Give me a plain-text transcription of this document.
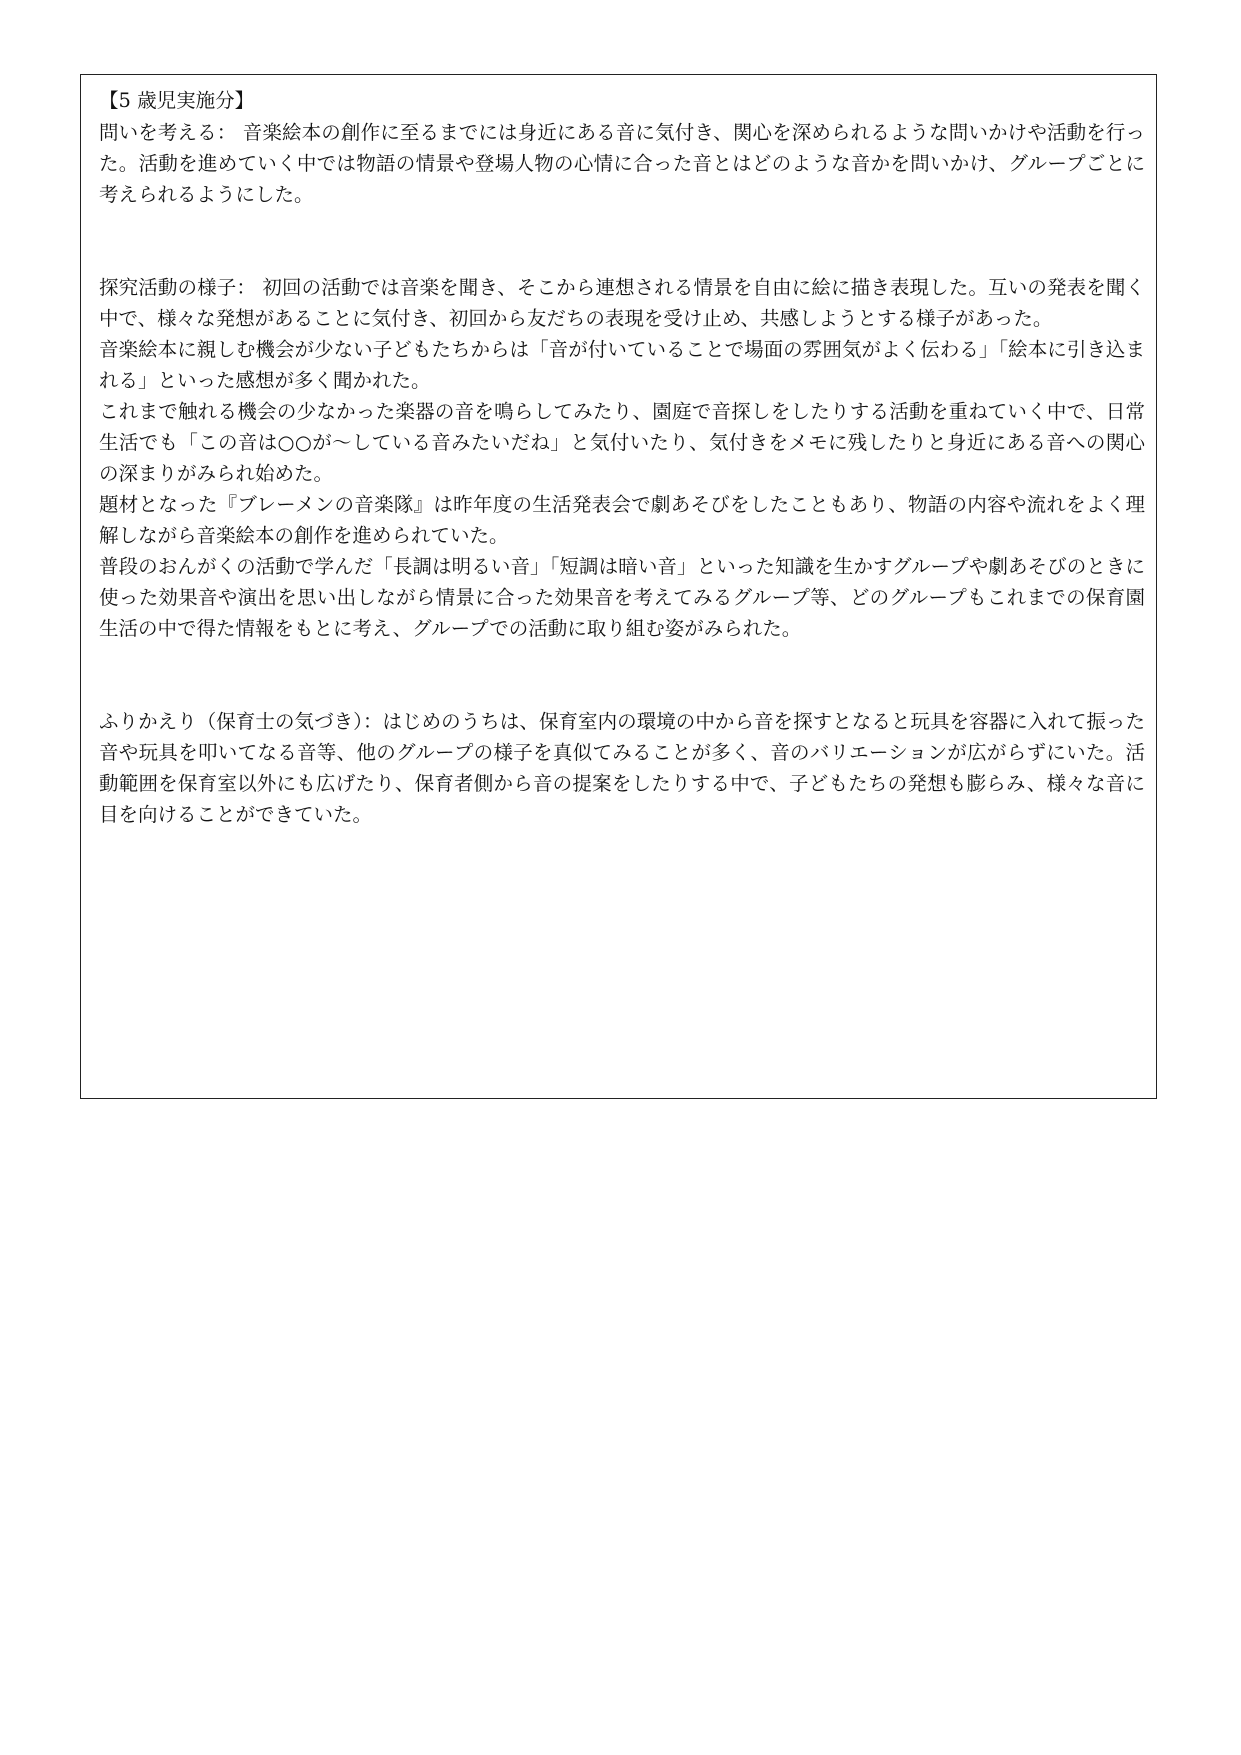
【5 歳児実施分】

問いを考える： 音楽絵本の創作に至るまでには身近にある音に気付き、関心を深められるような問いかけや活動を行った。活動を進めていく中では物語の情景や登場人物の心情に合った音とはどのような音かを問いかけ、グループごとに考えられるようにした。

探究活動の様子： 初回の活動では音楽を聞き、そこから連想される情景を自由に絵に描き表現した。互いの発表を聞く中で、様々な発想があることに気付き、初回から友だちの表現を受け止め、共感しようとする様子があった。

音楽絵本に親しむ機会が少ない子どもたちからは「音が付いていることで場面の雰囲気がよく伝わる」「絵本に引き込まれる」といった感想が多く聞かれた。

これまで触れる機会の少なかった楽器の音を鳴らしてみたり、園庭で音探しをしたりする活動を重ねていく中で、日常生活でも「この音は○○が～している音みたいだね」と気付いたり、気付きをメモに残したりと身近にある音への関心の深まりがみられ始めた。

題材となった『ブレーメンの音楽隊』は昨年度の生活発表会で劇あそびをしたこともあり、物語の内容や流れをよく理解しながら音楽絵本の創作を進められていた。

普段のおんがくの活動で学んだ「長調は明るい音」「短調は暗い音」といった知識を生かすグループや劇あそびのときに使った効果音や演出を思い出しながら情景に合った効果音を考えてみるグループ等、どのグループもこれまでの保育園生活の中で得た情報をもとに考え、グループでの活動に取り組む姿がみられた。

ふりかえり（保育士の気づき）：はじめのうちは、保育室内の環境の中から音を探すとなると玩具を容器に入れて振った音や玩具を叩いてなる音等、他のグループの様子を真似てみることが多く、音のバリエーションが広がらずにいた。活動範囲を保育室以外にも広げたり、保育者側から音の提案をしたりする中で、子どもたちの発想も膨らみ、様々な音に目を向けることができていた。
